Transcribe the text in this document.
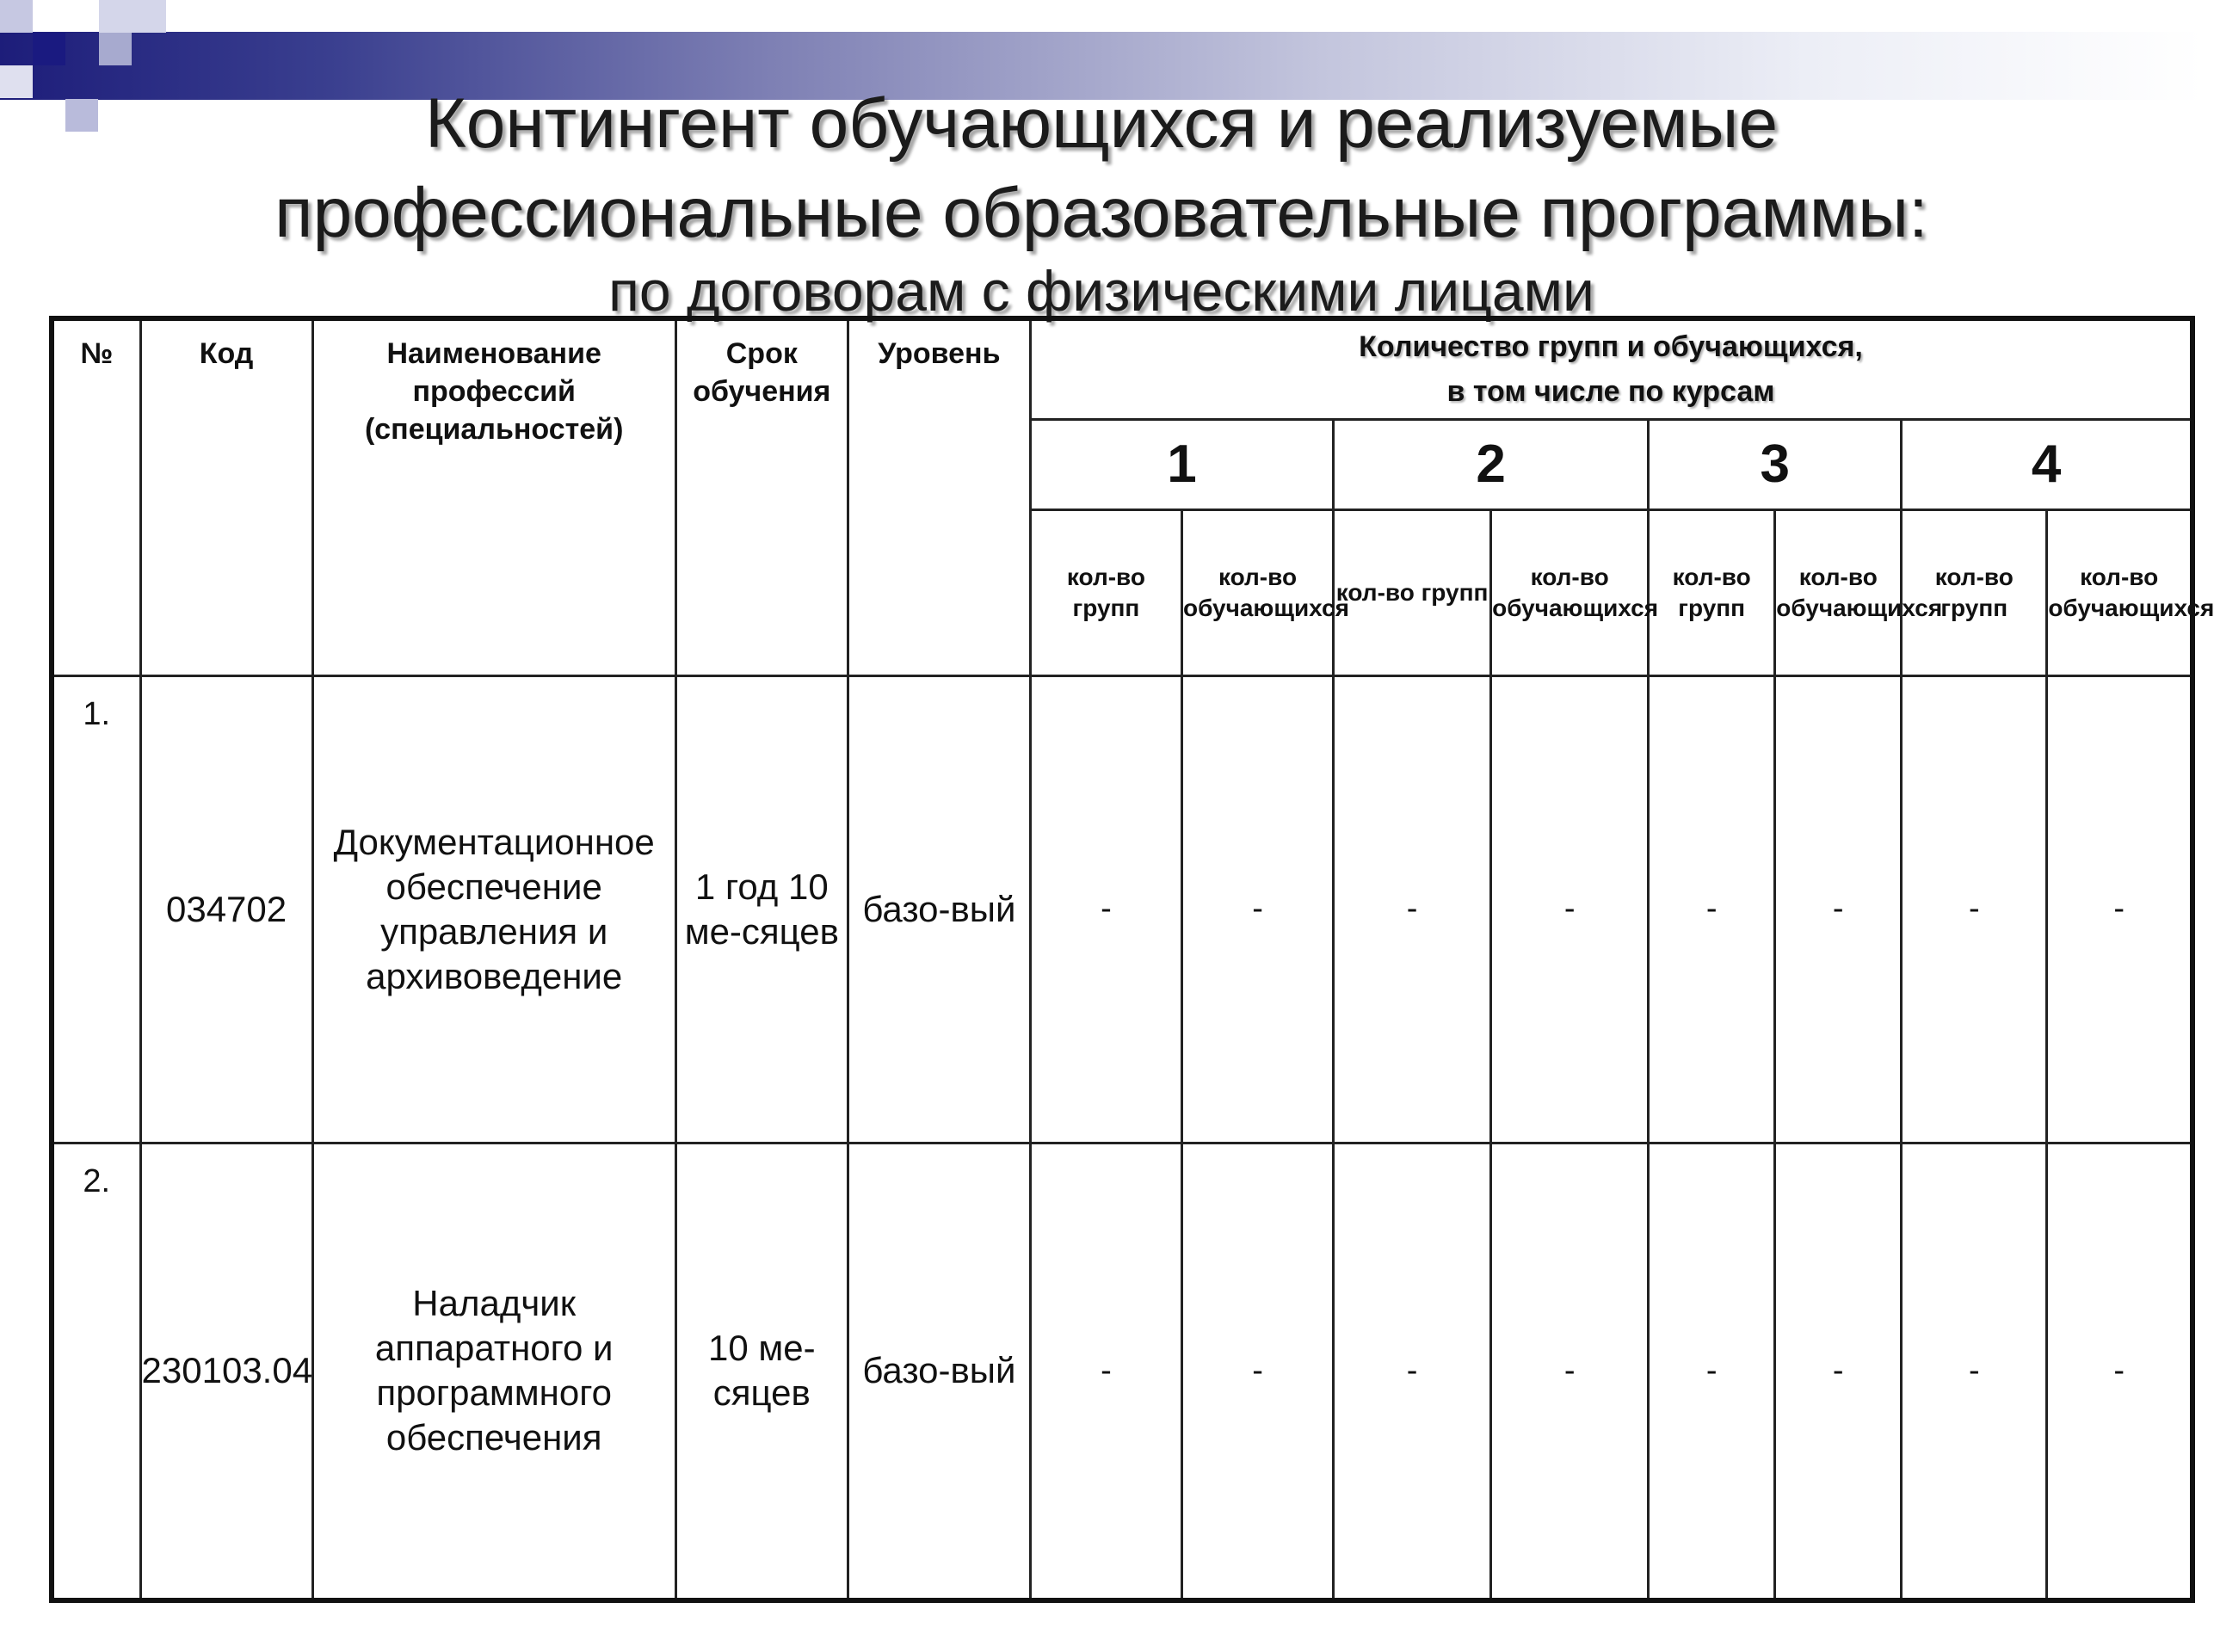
Контингент обучающихся и реализуемые
профессиональные образовательные программы:
по договорам с физическими лицами
№	Код	Наименование профессий (специальностей)	Срок обучения	Уровень	Количество групп и обучающихся,
в том числе по курсам							

					1		2		3		4	
					кол-во групп	кол-во обучающихся	кол-во групп	кол-во обучающихся	кол-во групп	кол-во обучающихся	кол-во групп	кол-во обучающихся
1.	034702	Документационное обеспечение управления и архивоведение	1 год 10 ме-сяцев	базо-вый	-	-	-	-	-	-	-	-
2.	230103.04	Наладчик аппаратного и программного обеспечения	10 ме-сяцев	базо-вый	-	-	-	-	-	-	-	-
